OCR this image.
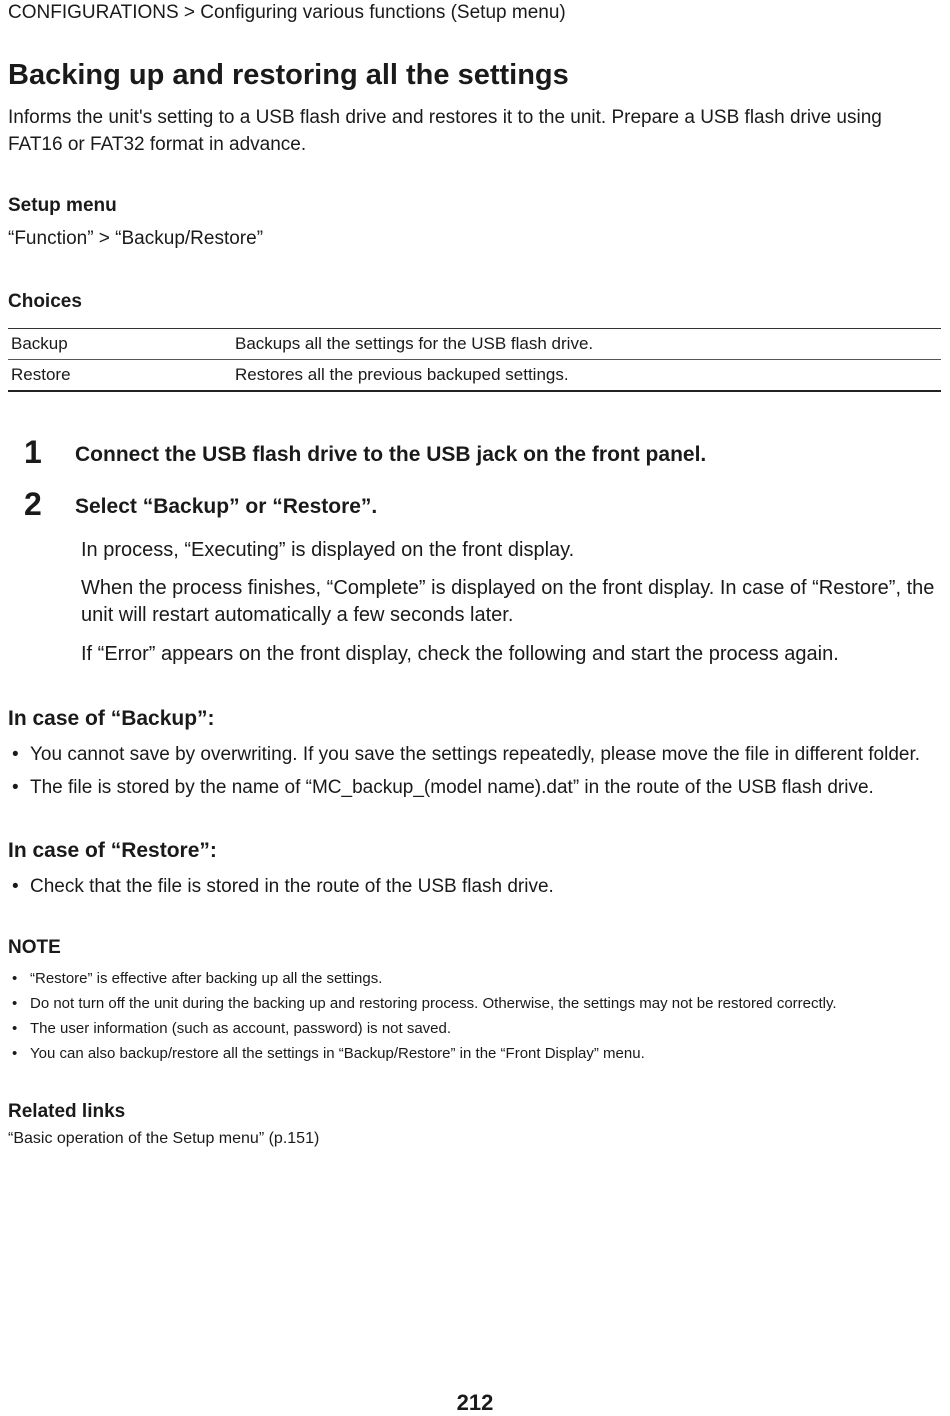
CONFIGURATIONS > Configuring various functions (Setup menu)
Backing up and restoring all the settings
Informs the unit's setting to a USB flash drive and restores it to the unit. Prepare a USB flash drive using FAT16 or FAT32 format in advance.
Setup menu
“Function” > “Backup/Restore”
Choices
Backup	Backups all the settings for the USB flash drive.
Restore	Restores all the previous backuped settings.
1 Connect the USB flash drive to the USB jack on the front panel.
2 Select “Backup” or “Restore”.
In process, “Executing” is displayed on the front display.
When the process finishes, “Complete” is displayed on the front display. In case of “Restore”, the unit will restart automatically a few seconds later.
If “Error” appears on the front display, check the following and start the process again.
In case of “Backup”:
• You cannot save by overwriting. If you save the settings repeatedly, please move the file in different folder.
• The file is stored by the name of “MC_backup_(model name).dat” in the route of the USB flash drive.
In case of “Restore”:
• Check that the file is stored in the route of the USB flash drive.
NOTE
• “Restore” is effective after backing up all the settings.
• Do not turn off the unit during the backing up and restoring process. Otherwise, the settings may not be restored correctly.
• The user information (such as account, password) is not saved.
• You can also backup/restore all the settings in “Backup/Restore” in the “Front Display” menu.
Related links
“Basic operation of the Setup menu” (p.151)
212
